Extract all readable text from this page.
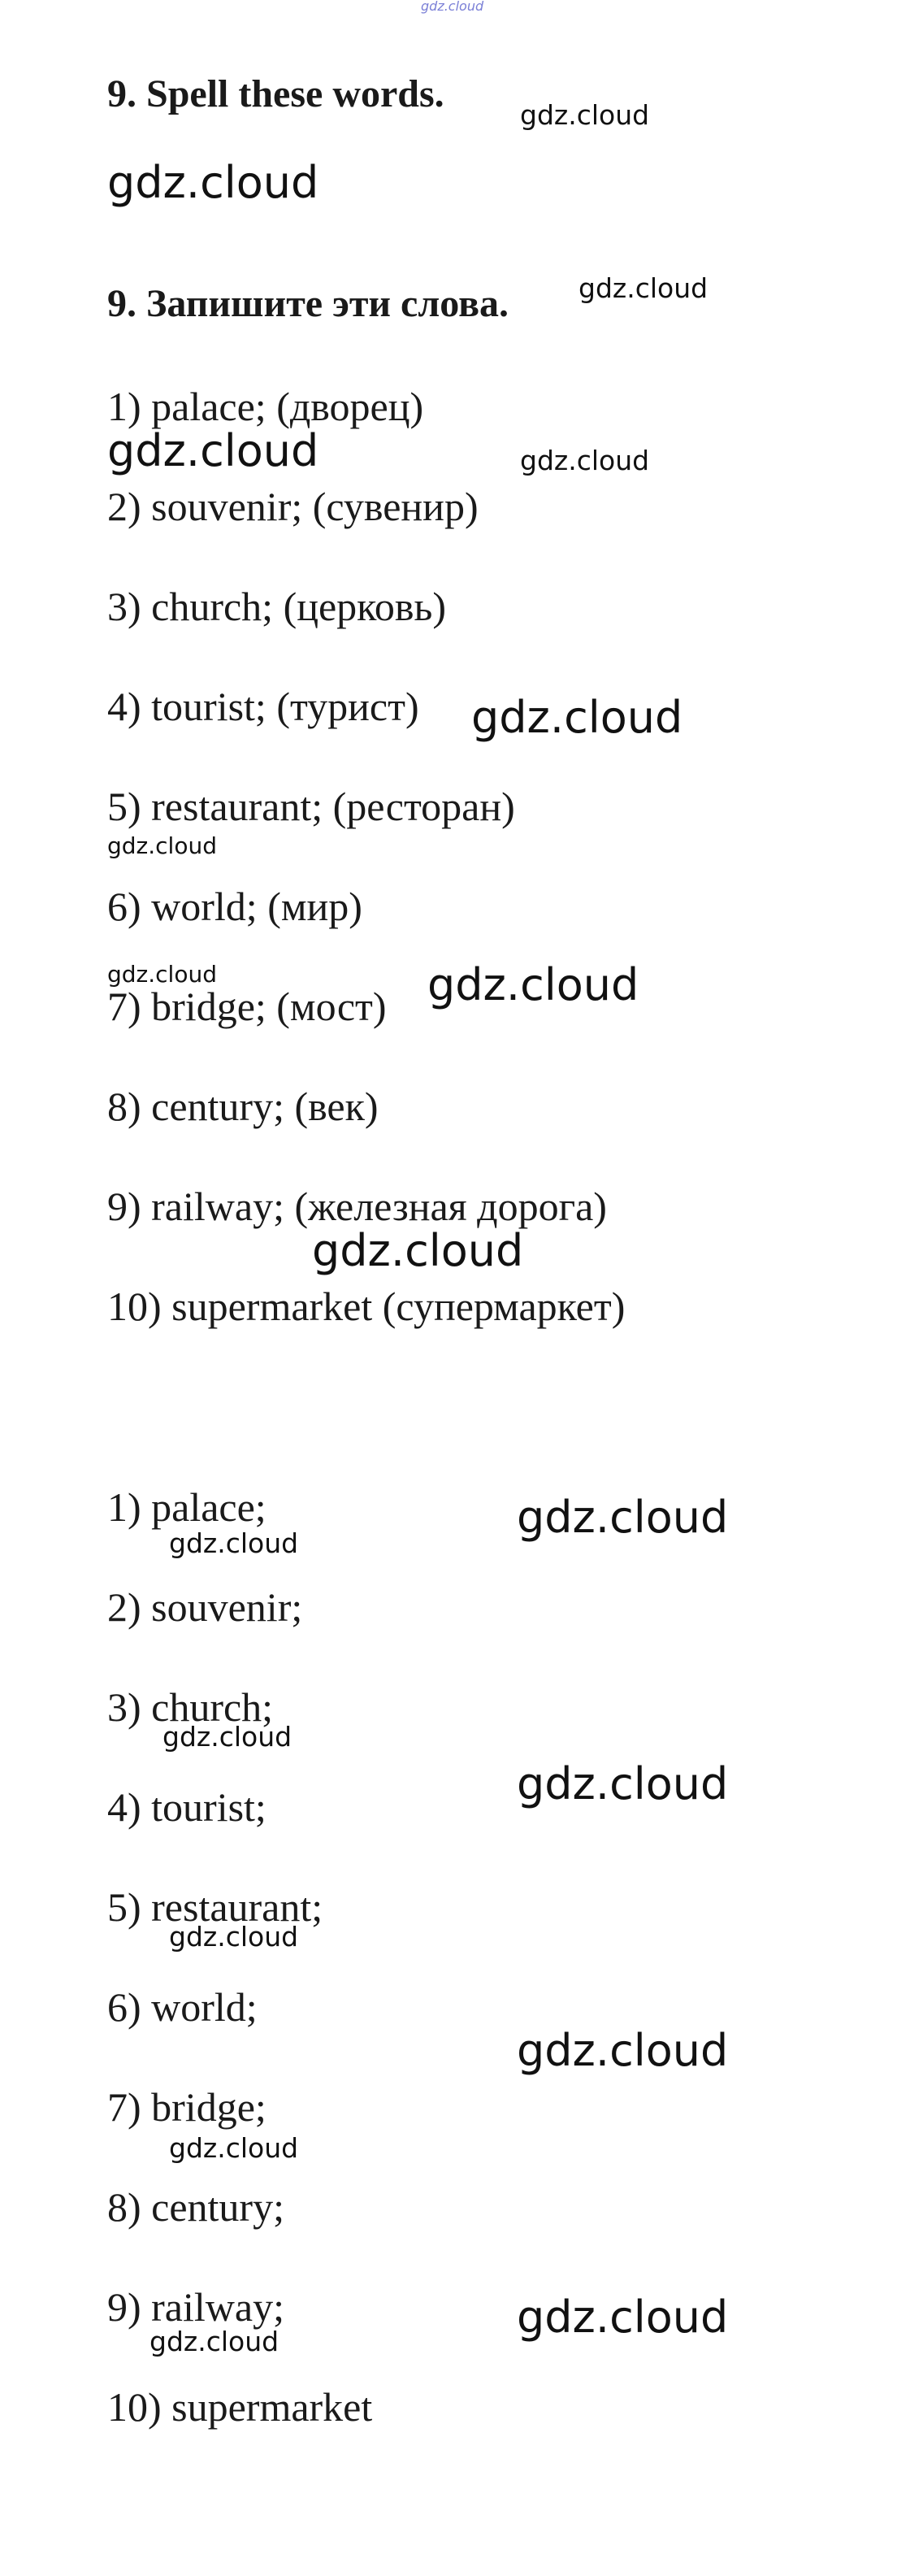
gdz.cloud
9. Spell these words.	gdz.cloud
gdz.cloud
9. Запишите эти слова.	gdz.cloud
1) palace; (дворец)
gdz.cloud	gdz.cloud
2) souvenir; (сувенир)
3) church; (церковь)
4) tourist; (турист) gdz.cloud
5) restaurant; (ресторан)
gdz.cloud
6) world; (мир)
gdz.cloud
7) bridge; (мост) gdz.cloud
8) century; (век)
9) railway; (железная дорога)
gdz.cloud
10) supermarket (супермаркет)
1) palace;	gdz.cloud
gdz.cloud
2) souvenir;
3) church;
gdz.cloud
gdz.cloud
4) tourist;
5) restaurant;
gdz.cloud
6) world;
gdz.cloud
7) bridge;
gdz.cloud
8) century;
9) railway;	gdz.cloud
gdz.cloud
10) supermarket
